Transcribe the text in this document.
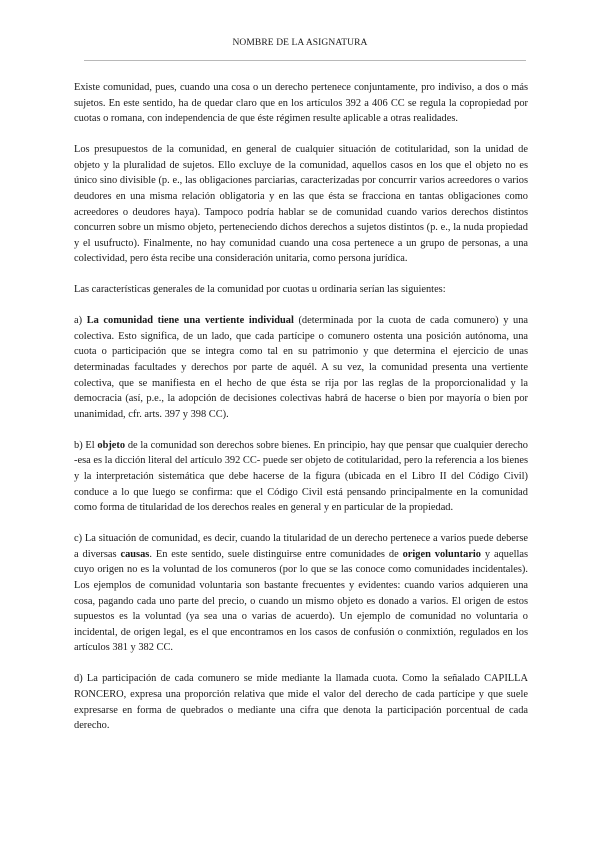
NOMBRE DE LA ASIGNATURA

Existe comunidad, pues, cuando una cosa o un derecho pertenece conjuntamente, pro indiviso, a dos o más sujetos. En este sentido, ha de quedar claro que en los artículos 392 a 406 CC se regula la copropiedad por cuotas o romana, con independencia de que éste régimen resulte aplicable a otras realidades.

Los presupuestos de la comunidad, en general de cualquier situación de cotitularidad, son la unidad de objeto y la pluralidad de sujetos. Ello excluye de la comunidad, aquellos casos en los que el objeto no es único sino divisible (p. e., las obligaciones parciarias, caracterizadas por concurrir varios acreedores o varios deudores en una misma relación obligatoria y en las que ésta se fracciona en tantas obligaciones como acreedores o deudores haya). Tampoco podría hablar se de comunidad cuando varios derechos distintos concurren sobre un mismo objeto, perteneciendo dichos derechos a sujetos distintos (p. e., la nuda propiedad y el usufructo). Finalmente, no hay comunidad cuando una cosa pertenece a un grupo de personas, a una colectividad, pero ésta recibe una consideración unitaria, como persona jurídica.

Las características generales de la comunidad por cuotas u ordinaria serían las siguientes:

a) La comunidad tiene una vertiente individual (determinada por la cuota de cada comunero) y una colectiva. Esto significa, de un lado, que cada partícipe o comunero ostenta una posición autónoma, una cuota o participación que se integra como tal en su patrimonio y que determina el ejercicio de unas determinadas facultades y derechos por parte de aquél. A su vez, la comunidad presenta una vertiente colectiva, que se manifiesta en el hecho de que ésta se rija por las reglas de la proporcionalidad y la democracia (así, p.e., la adopción de decisiones colectivas habrá de hacerse o bien por mayoría o bien por unanimidad, cfr. arts. 397 y 398 CC).

b) El objeto de la comunidad son derechos sobre bienes. En principio, hay que pensar que cualquier derecho -esa es la dicción literal del artículo 392 CC- puede ser objeto de cotitularidad, pero la referencia a los bienes y la interpretación sistemática que debe hacerse de la figura (ubicada en el Libro II del Código Civil) conduce a lo que luego se confirma: que el Código Civil está pensando principalmente en la comunidad como forma de titularidad de los derechos reales en general y en particular de la propiedad.

c) La situación de comunidad, es decir, cuando la titularidad de un derecho pertenece a varios puede deberse a diversas causas. En este sentido, suele distinguirse entre comunidades de origen voluntario y aquellas cuyo origen no es la voluntad de los comuneros (por lo que se las conoce como comunidades incidentales). Los ejemplos de comunidad voluntaria son bastante frecuentes y evidentes: cuando varios adquieren una cosa, pagando cada uno parte del precio, o cuando un mismo objeto es donado a varios. El origen de estos supuestos es la voluntad (ya sea una o varias de acuerdo). Un ejemplo de comunidad no voluntaria o incidental, de origen legal, es el que encontramos en los casos de confusión o conmixtión, regulados en los artículos 381 y 382 CC.

d) La participación de cada comunero se mide mediante la llamada cuota. Como la señalado CAPILLA RONCERO, expresa una proporción relativa que mide el valor del derecho de cada partícipe y que suele expresarse en forma de quebrados o mediante una cifra que denota la participación porcentual de cada derecho.
